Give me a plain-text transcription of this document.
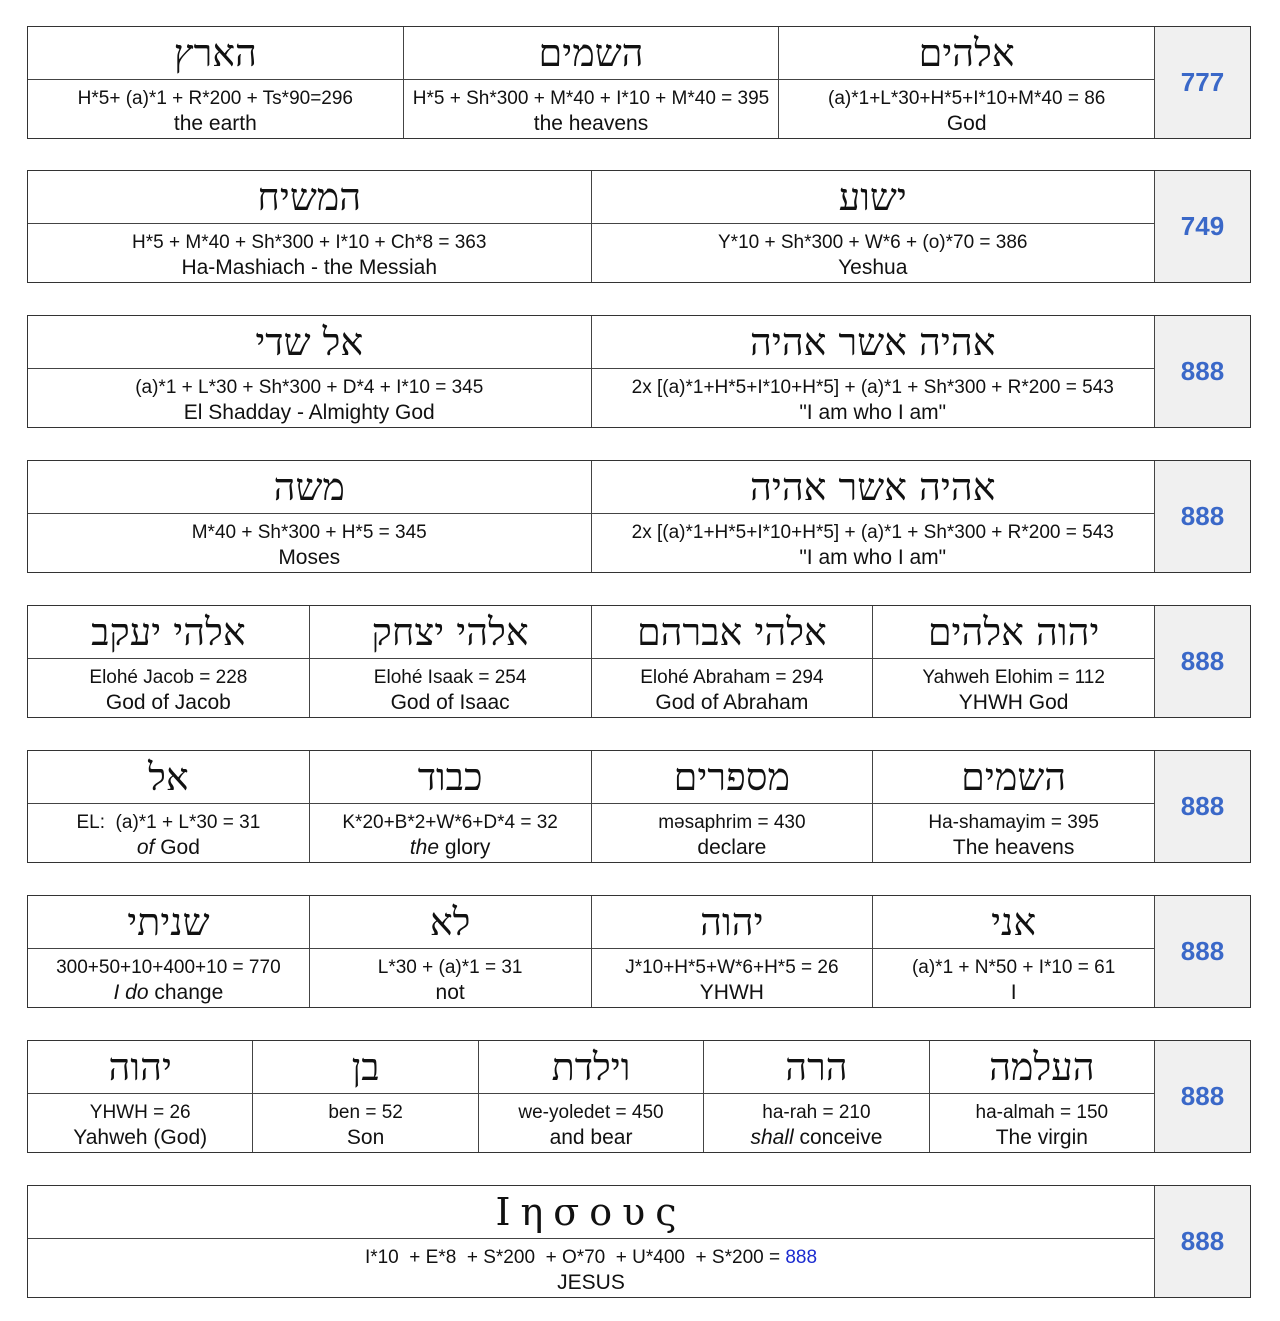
הארץ
H*5+ (a)*1 + R*200 + Ts*90=296
the earth
השמים
H*5 + Sh*300 + M*40 + I*10 + M*40 = 395
the heavens
אלהים
(a)*1+L*30+H*5+I*10+M*40 = 86
God
777
המשיח
H*5 + M*40 + Sh*300 + I*10 + Ch*8 = 363
Ha-Mashiach - the Messiah
ישוע
Y*10 + Sh*300 + W*6 + (o)*70 = 386
Yeshua
749
אל שדי
(a)*1 + L*30 + Sh*300 + D*4 + I*10 = 345
El Shadday - Almighty God
אהיה אשר אהיה
2x [(a)*1+H*5+I*10+H*5] + (a)*1 + Sh*300 + R*200 = 543
"I am who I am"
888
משה
M*40 + Sh*300 + H*5 = 345
Moses
אהיה אשר אהיה
2x [(a)*1+H*5+I*10+H*5] + (a)*1 + Sh*300 + R*200 = 543
"I am who I am"
888
אלהי יעקב
Elohé Jacob = 228
God of Jacob
אלהי יצחק
Elohé Isaak = 254
God of Isaac
אלהי אברהם
Elohé Abraham = 294
God of Abraham
יהוה אלהים
Yahweh Elohim = 112
YHWH God
888
אל
EL:  (a)*1 + L*30 = 31
of God
כבוד
K*20+B*2+W*6+D*4 = 32
the glory
מספרים
məsaphrim = 430
declare
השמים
Ha-shamayim = 395
The heavens
888
שניתי
300+50+10+400+10 = 770
I do change
לא
L*30 + (a)*1 = 31
not
יהוה
J*10+H*5+W*6+H*5 = 26
YHWH
אני
(a)*1 + N*50 + I*10 = 61
I
888
יהוה
YHWH = 26
Yahweh (God)
בן
ben = 52
Son
וילדת
we-yoledet = 450
and bear
הרה
ha-rah = 210
shall conceive
העלמה
ha-almah = 150
The virgin
888
Ιησους
I*10  + E*8  + S*200  + O*70  + U*400  + S*200 = 888
JESUS
888
